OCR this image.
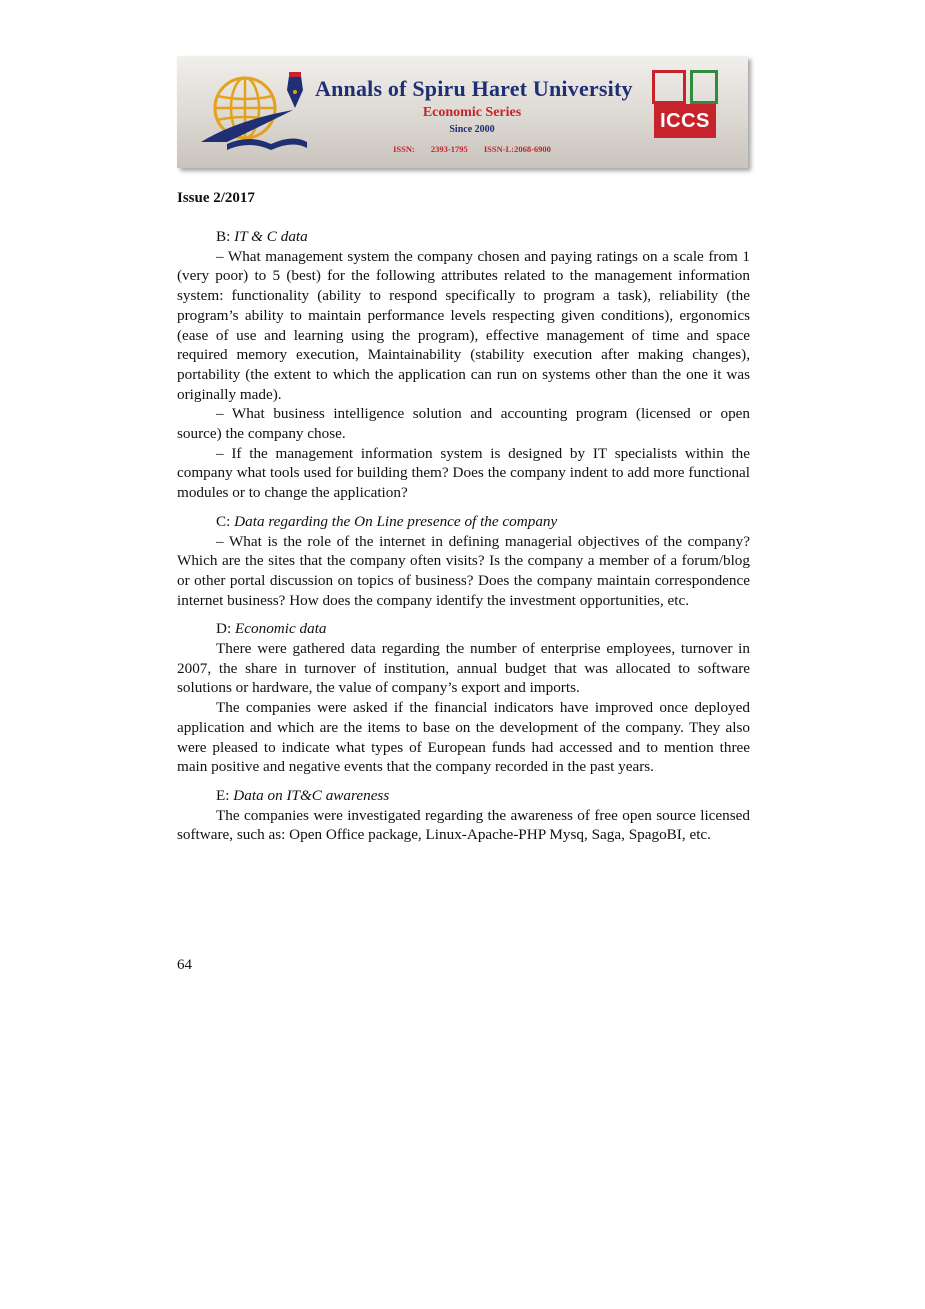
Annals of Spiru Haret University
Economic Series
Since 2000
ISSN: 2393-1795 ISSN-L:2068-6900
ICCS
Issue 2/2017

B: IT & C data

– What management system the company chosen and paying ratings on a scale from 1 (very poor) to 5 (best) for the following attributes related to the management information system: functionality (ability to respond specifically to program a task), reliability (the program’s ability to maintain performance levels respecting given conditions), ergonomics (ease of use and learning using the program), effective management of time and space required memory execution, Maintainability (stability execution after making changes), portability (the extent to which the application can run on systems other than the one it was originally made).

– What business intelligence solution and accounting program (licensed or open source) the company chose.

– If the management information system is designed by IT specialists within the company what tools used for building them? Does the company indent to add more functional modules or to change the application?

C: Data regarding the On Line presence of the company

– What is the role of the internet in defining managerial objectives of the company? Which are the sites that the company often visits? Is the company a member of a forum/blog or other portal discussion on topics of business? Does the company maintain correspondence internet business? How does the company identify the investment opportunities, etc.

D: Economic data

There were gathered data regarding the number of enterprise employees, turnover in 2007, the share in turnover of institution, annual budget that was allocated to software solutions or hardware, the value of company’s export and imports.

The companies were asked if the financial indicators have improved once deployed application and which are the items to base on the development of the company. They also were pleased to indicate what types of European funds had accessed and to mention three main positive and negative events that the company recorded in the past years.

E: Data on IT&C awareness

The companies were investigated regarding the awareness of free open source licensed software, such as: Open Office package, Linux-Apache-PHP Mysq, Saga, SpagoBI, etc.

64
